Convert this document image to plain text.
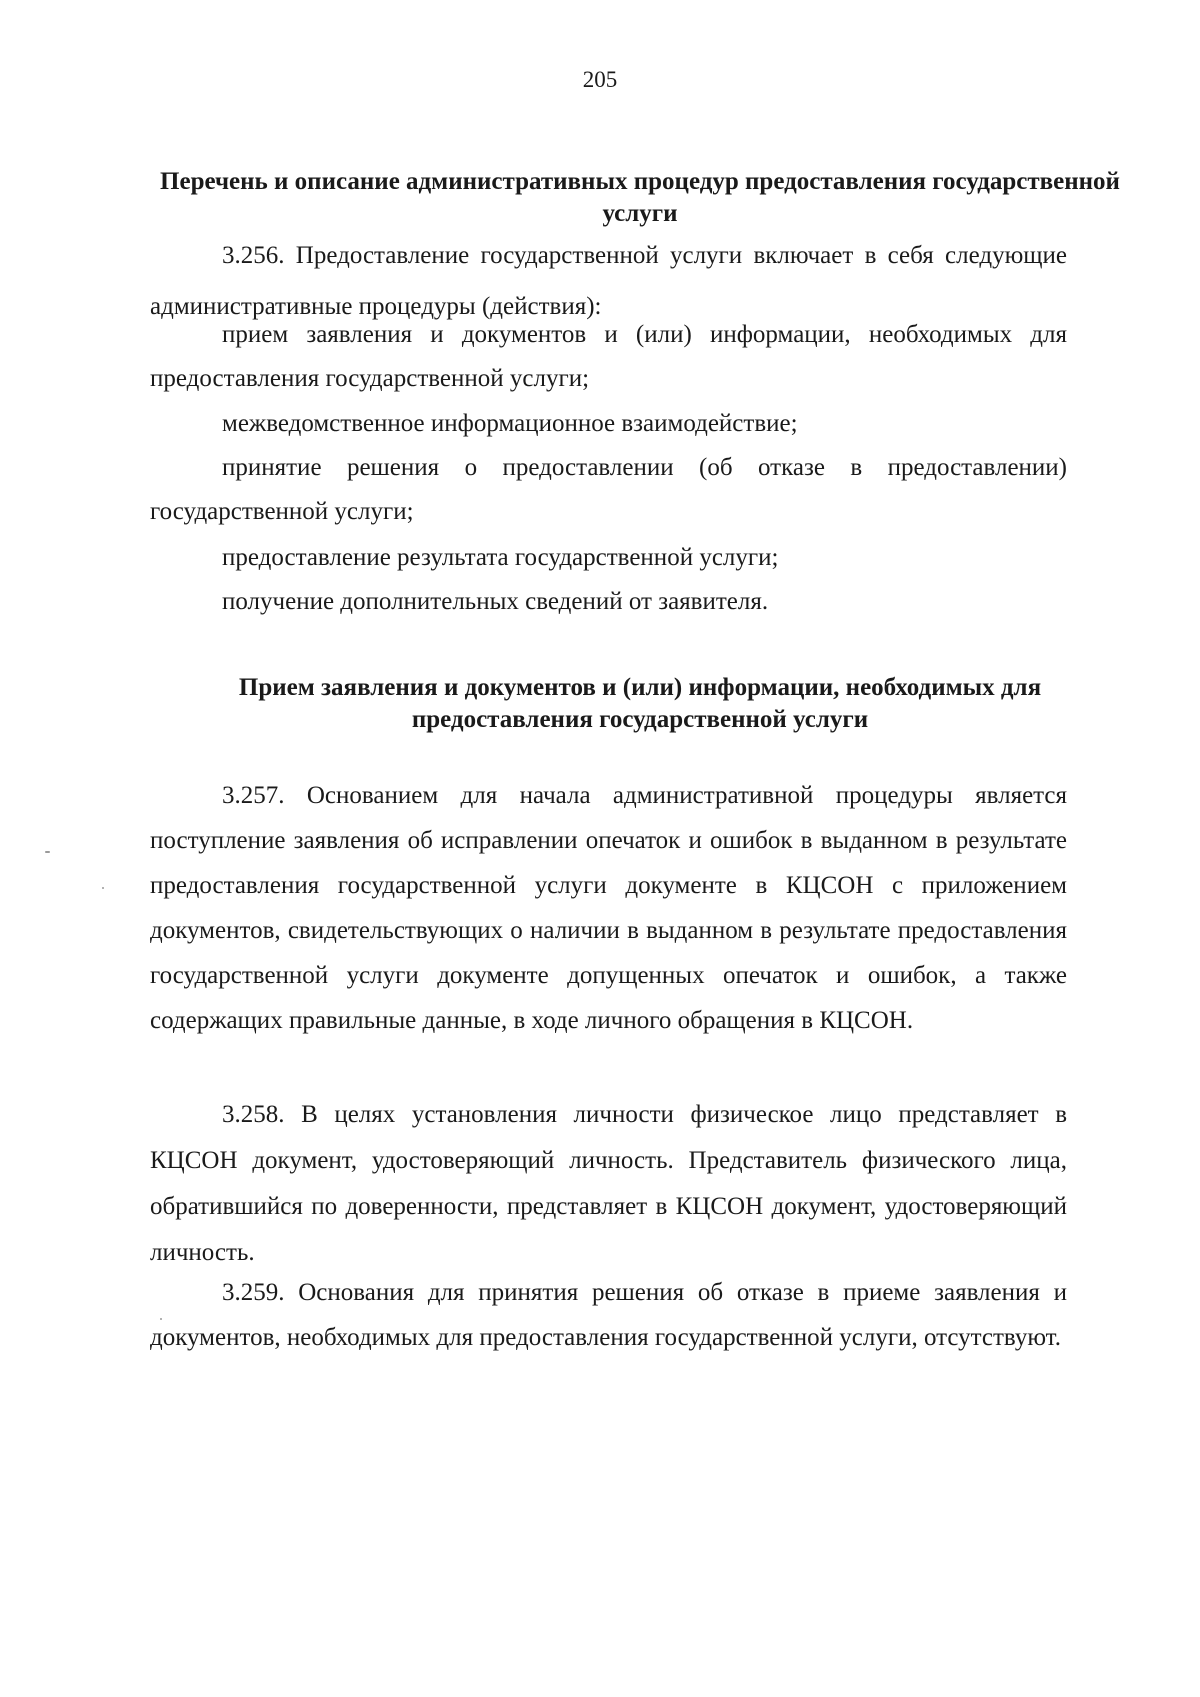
205
Перечень и описание административных процедур предоставления государственной услуги

3.256. Предоставление государственной услуги включает в себя следующие административные процедуры (действия):

прием заявления и документов и (или) информации, необходимых для предоставления государственной услуги;

межведомственное информационное взаимодействие;

принятие решения о предоставлении (об отказе в предоставлении) государственной услуги;

предоставление результата государственной услуги;

получение дополнительных сведений от заявителя.

Прием заявления и документов и (или) информации, необходимых для предоставления государственной услуги

3.257. Основанием для начала административной процедуры является поступление заявления об исправлении опечаток и ошибок в выданном в результате предоставления государственной услуги документе в КЦСОН с приложением документов, свидетельствующих о наличии в выданном в результате предоставления государственной услуги документе допущенных опечаток и ошибок, а также содержащих правильные данные, в ходе личного обращения в КЦСОН.

3.258. В целях установления личности физическое лицо представляет в КЦСОН документ, удостоверяющий личность. Представитель физического лица, обратившийся по доверенности, представляет в КЦСОН документ, удостоверяющий личность.

3.259. Основания для принятия решения об отказе в приеме заявления и документов, необходимых для предоставления государственной услуги, отсутствуют.
